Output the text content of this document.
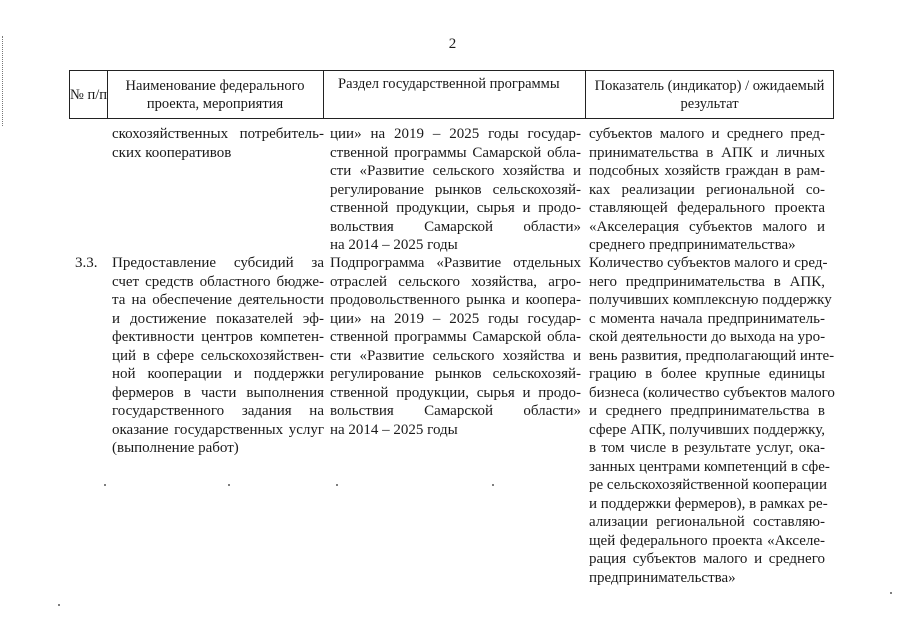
2
№ п/п
Наименование федерального проекта, мероприятия
Раздел государственной программы	Показатель (индикатор) / ожидаемый результат
скохозяйственных потребитель-
ских кооперативов
ции» на 2019 – 2025 годы государ-
ственной программы Самарской обла-
сти «Развитие сельского хозяйства и
регулирование рынков сельскохозяй-
ственной продукции, сырья и продо-
вольствия Самарской области»
на 2014 – 2025 годы
субъектов малого и среднего пред-
принимательства в АПК и личных
подсобных хозяйств граждан в рам-
ках реализации региональной со-
ставляющей федерального проекта
«Акселерация субъектов малого и
среднего предпринимательства»
3.3. Предоставление субсидий за
счет средств областного бюдже-
та на обеспечение деятельности
и достижение показателей эф-
фективности центров компетен-
ций в сфере сельскохозяйствен-
ной кооперации и поддержки
фермеров в части выполнения
государственного задания на
оказание государственных услуг
(выполнение работ)
Подпрограмма «Развитие отдельных
отраслей сельского хозяйства, агро-
продовольственного рынка и коопера-
ции» на 2019 – 2025 годы государ-
ственной программы Самарской обла-
сти «Развитие сельского хозяйства и
регулирование рынков сельскохозяй-
ственной продукции, сырья и продо-
вольствия Самарской области»
на 2014 – 2025 годы
Количество субъектов малого и сред-
него предпринимательства в АПК,
получивших комплексную поддержку
с момента начала предприниматель-
ской деятельности до выхода на уро-
вень развития, предполагающий инте-
грацию в более крупные единицы
бизнеса (количество субъектов малого
и среднего предпринимательства в
сфере АПК, получивших поддержку,
в том числе в результате услуг, ока-
занных центрами компетенций в сфе-
ре сельскохозяйственной кооперации
и поддержки фермеров), в рамках ре-
ализации региональной составляю-
щей федерального проекта «Акселе-
рация субъектов малого и среднего
предпринимательства»
